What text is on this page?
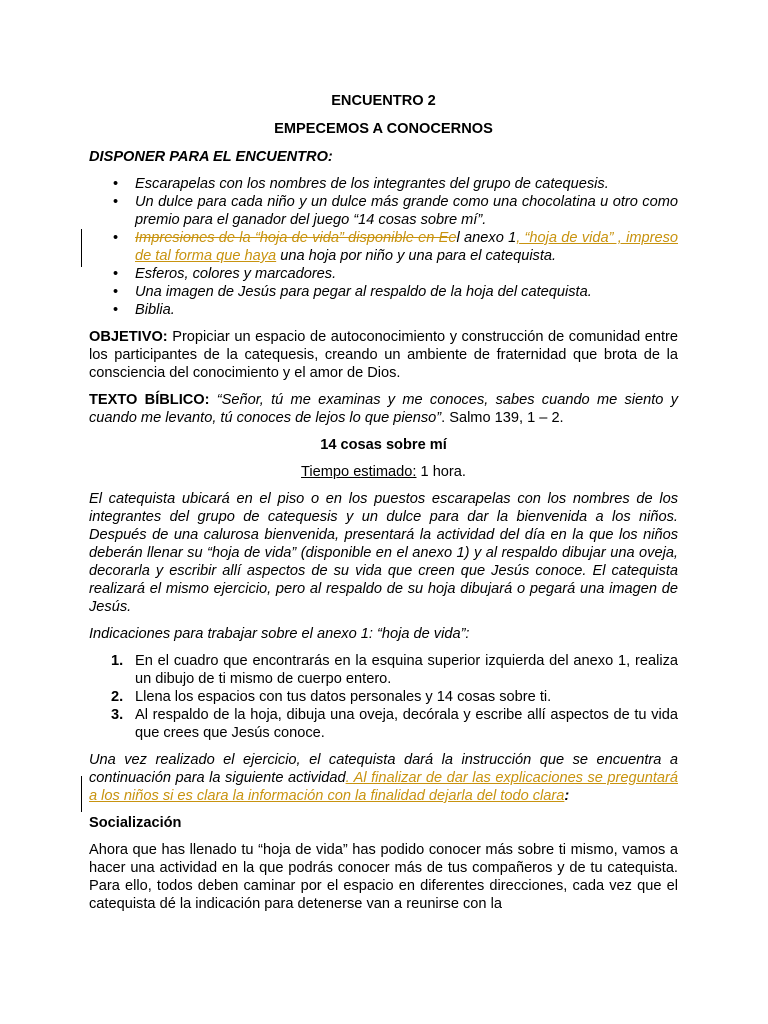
ENCUENTRO 2

EMPECEMOS A CONOCERNOS

DISPONER PARA EL ENCUENTRO:

• Escarapelas con los nombres de los integrantes del grupo de catequesis.
• Un dulce para cada niño y un dulce más grande como una chocolatina u otro como premio para el ganador del juego “14 cosas sobre mí”.
• Impresiones de la “hoja de vida” disponible en Eel anexo 1, “hoja de vida” , impreso de tal forma que haya una hoja por niño y una para el catequista.
• Esferos, colores y marcadores.
• Una imagen de Jesús para pegar al respaldo de la hoja del catequista.
• Biblia.

OBJETIVO: Propiciar un espacio de autoconocimiento y construcción de comunidad entre los participantes de la catequesis, creando un ambiente de fraternidad que brota de la consciencia del conocimiento y el amor de Dios.

TEXTO BÍBLICO: “Señor, tú me examinas y me conoces, sabes cuando me siento y cuando me levanto, tú conoces de lejos lo que pienso”. Salmo 139, 1 – 2.

14 cosas sobre mí

Tiempo estimado: 1 hora.

El catequista ubicará en el piso o en los puestos escarapelas con los nombres de los integrantes del grupo de catequesis y un dulce para dar la bienvenida a los niños. Después de una calurosa bienvenida, presentará la actividad del día en la que los niños deberán llenar su “hoja de vida” (disponible en el anexo 1) y al respaldo dibujar una oveja, decorarla y escribir allí aspectos de su vida que creen que Jesús conoce. El catequista realizará el mismo ejercicio, pero al respaldo de su hoja dibujará o pegará una imagen de Jesús.

Indicaciones para trabajar sobre el anexo 1: “hoja de vida”:

1. En el cuadro que encontrarás en la esquina superior izquierda del anexo 1, realiza un dibujo de ti mismo de cuerpo entero.
2. Llena los espacios con tus datos personales y 14 cosas sobre ti.
3. Al respaldo de la hoja, dibuja una oveja, decórala y escribe allí aspectos de tu vida que crees que Jesús conoce.

Una vez realizado el ejercicio, el catequista dará la instrucción que se encuentra a continuación para la siguiente actividad. Al finalizar de dar las explicaciones se preguntará a los niños si es clara la información con la finalidad dejarla del todo clara:

Socialización

Ahora que has llenado tu “hoja de vida” has podido conocer más sobre ti mismo, vamos a hacer una actividad en la que podrás conocer más de tus compañeros y de tu catequista. Para ello, todos deben caminar por el espacio en diferentes direcciones, cada vez que el catequista dé la indicación para detenerse van a reunirse con la
